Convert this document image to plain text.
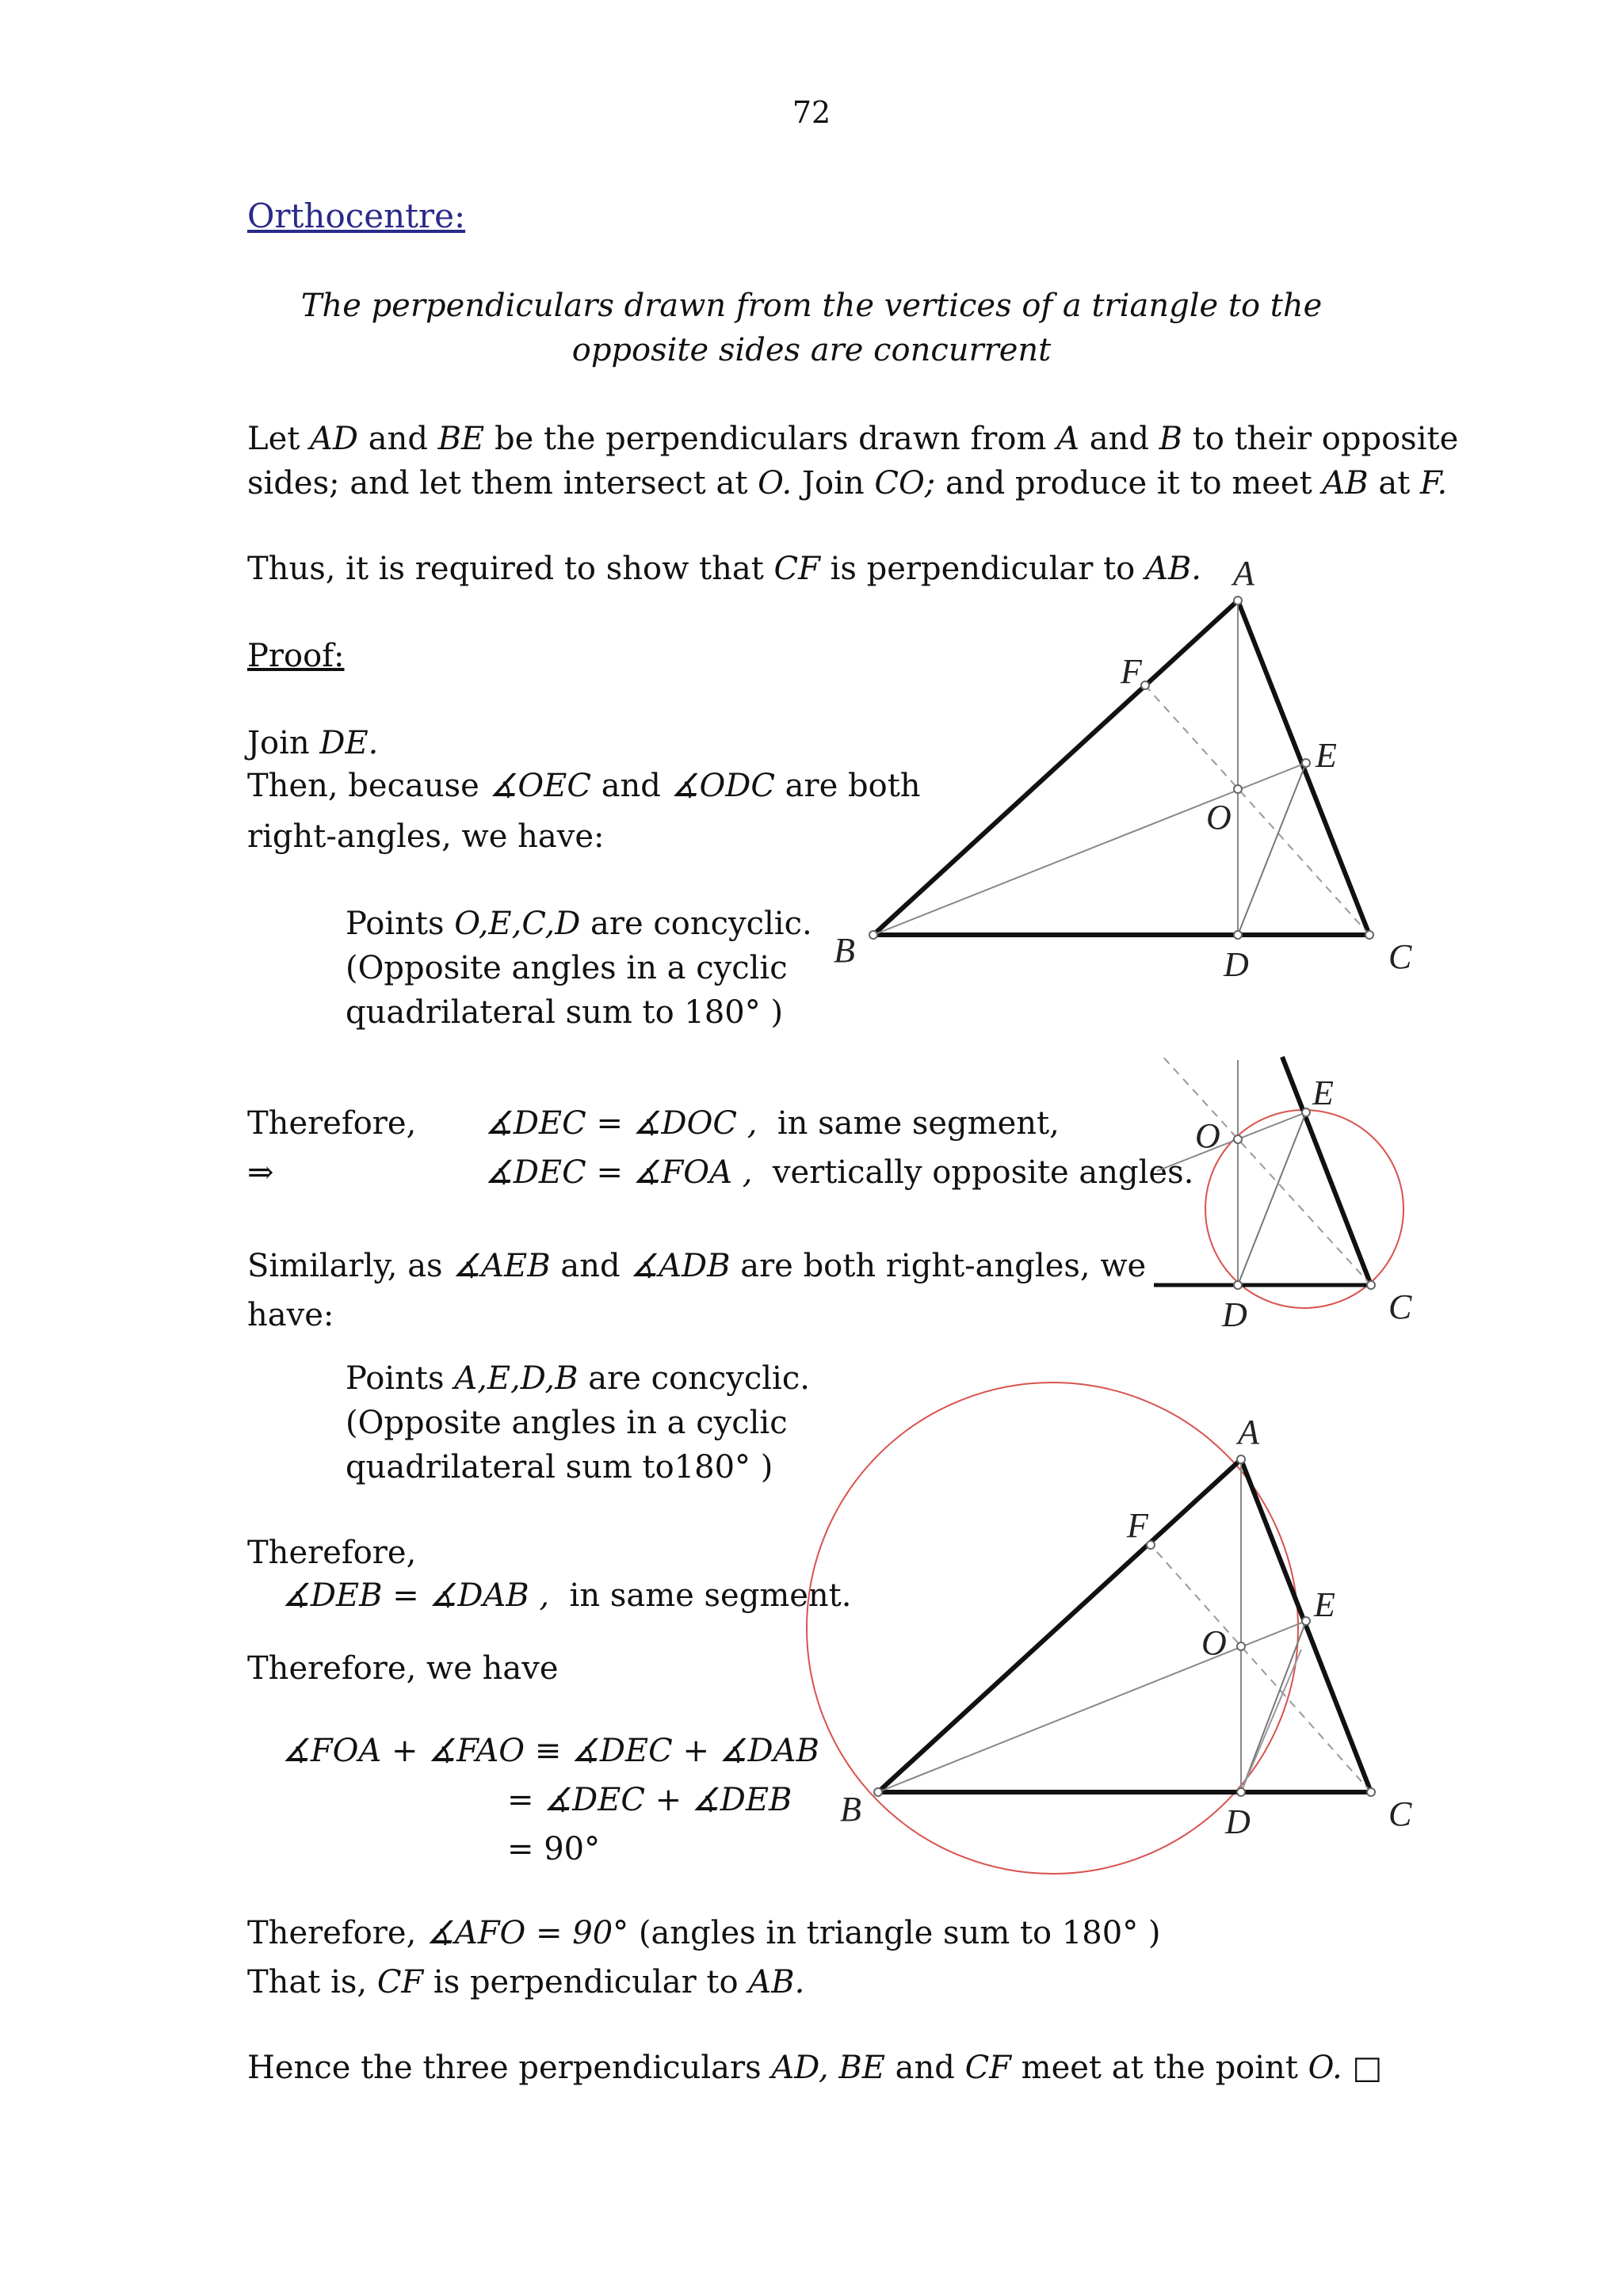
72
Orthocentre:
The perpendiculars drawn from the vertices of a triangle to the
opposite sides are concurrent
Let AD and BE be the perpendiculars drawn from A and B to their opposite
sides; and let them intersect at O. Join CO; and produce it to meet AB at F.
Thus, it is required to show that CF is perpendicular to AB.
Proof:
Join DE.
Then, because ∡OEC and ∡ODC are both
right-angles, we have:
Points O,E,C,D are concyclic.
(Opposite angles in a cyclic
quadrilateral sum to 180° )
Therefore, ∡DEC = ∡DOC , in same segment,
⇒	∡DEC = ∡FOA , vertically opposite angles.
Similarly, as ∡AEB and ∡ADB are both right-angles, we
have:
Points A,E,D,B are concyclic.
(Opposite angles in a cyclic
quadrilateral sum to180° )
Therefore,
∡DEB = ∡DAB , in same segment.
Therefore, we have
∡FOA + ∡FAO ≡ ∡DEC + ∡DAB
= ∡DEC + ∡DEB
= 90°
Therefore, ∡AFO = 90° (angles in triangle sum to 180° )
That is, CF is perpendicular to AB.
Hence the three perpendiculars AD, BE and CF meet at the point O. □
A
B	C
D
E
F
O
O
E
D	C
A
B	C
D
E
F
O
